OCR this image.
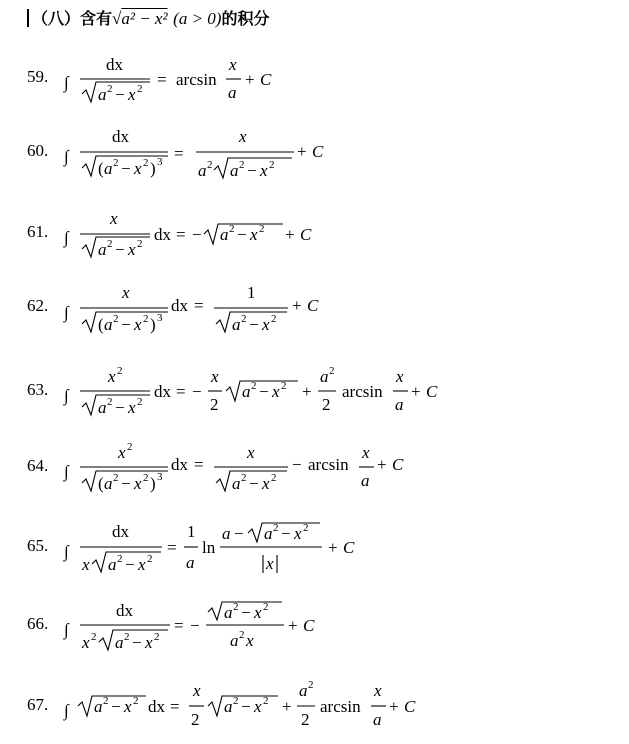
（八）含有√a² − x² (a > 0)的积分
59. ∫
dx
a 2 − x 2 = arcsin
x
a
+ C
60. ∫
dx
( a 2 − x 2 ) 3 =
x
a 2 a 2 − x 2
+ C
61. ∫
x
a 2 − x 2 dx = − a 2 − x 2 + C
62. ∫
x
( a 2 − x 2 ) 3
dx =
1
a 2 − x 2
+ C
63. ∫
x 2
a 2 − x 2
dx = −
x
2
a 2 − x 2 +
a 2
2
arcsin
x
a
+ C
64. ∫
x 2
( a 2 − x 2 ) 3
dx =
x
a 2 − x 2
− arcsin
x
a
+ C
65. ∫
dx
x a 2 − x 2
=
1
a
ln
a − a 2 − x 2
x
+ C
66. ∫
dx
x 2 a 2 − x 2
= −
a 2 − x 2
a 2 x
+ C
67. ∫ a 2 − x 2 dx =
x
2
a 2 − x 2 +
a 2
2
arcsin
x
a
+ C
